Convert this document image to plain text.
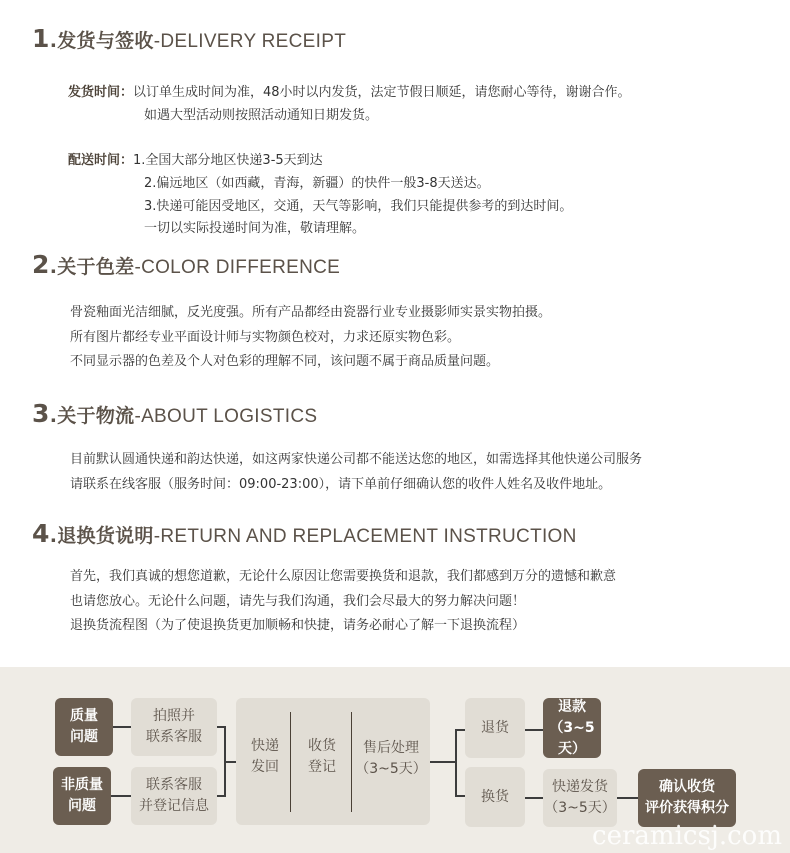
1.发货与签收-DELIVERY RECEIPT
发货时间：以订单生成时间为准，48小时以内发货，法定节假日顺延，请您耐心等待，谢谢合作。
如遇大型活动则按照活动通知日期发货。
配送时间：1.全国大部分地区快递3-5天到达
2.偏远地区（如西藏，青海，新疆）的快件一般3-8天送达。
3.快递可能因受地区，交通，天气等影响，我们只能提供参考的到达时间。
一切以实际投递时间为准，敬请理解。
2.关于色差-COLOR DIFFERENCE
骨瓷釉面光洁细腻，反光度强。所有产品都经由瓷器行业专业摄影师实景实物拍摄。
所有图片都经专业平面设计师与实物颜色校对，力求还原实物色彩。
不同显示器的色差及个人对色彩的理解不同，该问题不属于商品质量问题。
3.关于物流-ABOUT LOGISTICS
目前默认圆通快递和韵达快递，如这两家快递公司都不能送达您的地区，如需选择其他快递公司服务
请联系在线客服（服务时间：09:00-23:00），请下单前仔细确认您的收件人姓名及收件地址。
4.退换货说明-RETURN AND REPLACEMENT INSTRUCTION
首先，我们真诚的想您道歉，无论什么原因让您需要换货和退款，我们都感到万分的遗憾和歉意
也请您放心。无论什么问题，请先与我们沟通，我们会尽最大的努力解决问题！
退换货流程图（为了使退换货更加顺畅和快捷，请务必耐心了解一下退换流程）
质量
问题
非质量
问题
拍照并
联系客服
联系客服
并登记信息
快递
发回
收货
登记
售后处理
（3~5天）
退货
换货
退款
（3~5天）
快递发货
（3~5天）
确认收货
评价获得积分
ceramicsj.com
